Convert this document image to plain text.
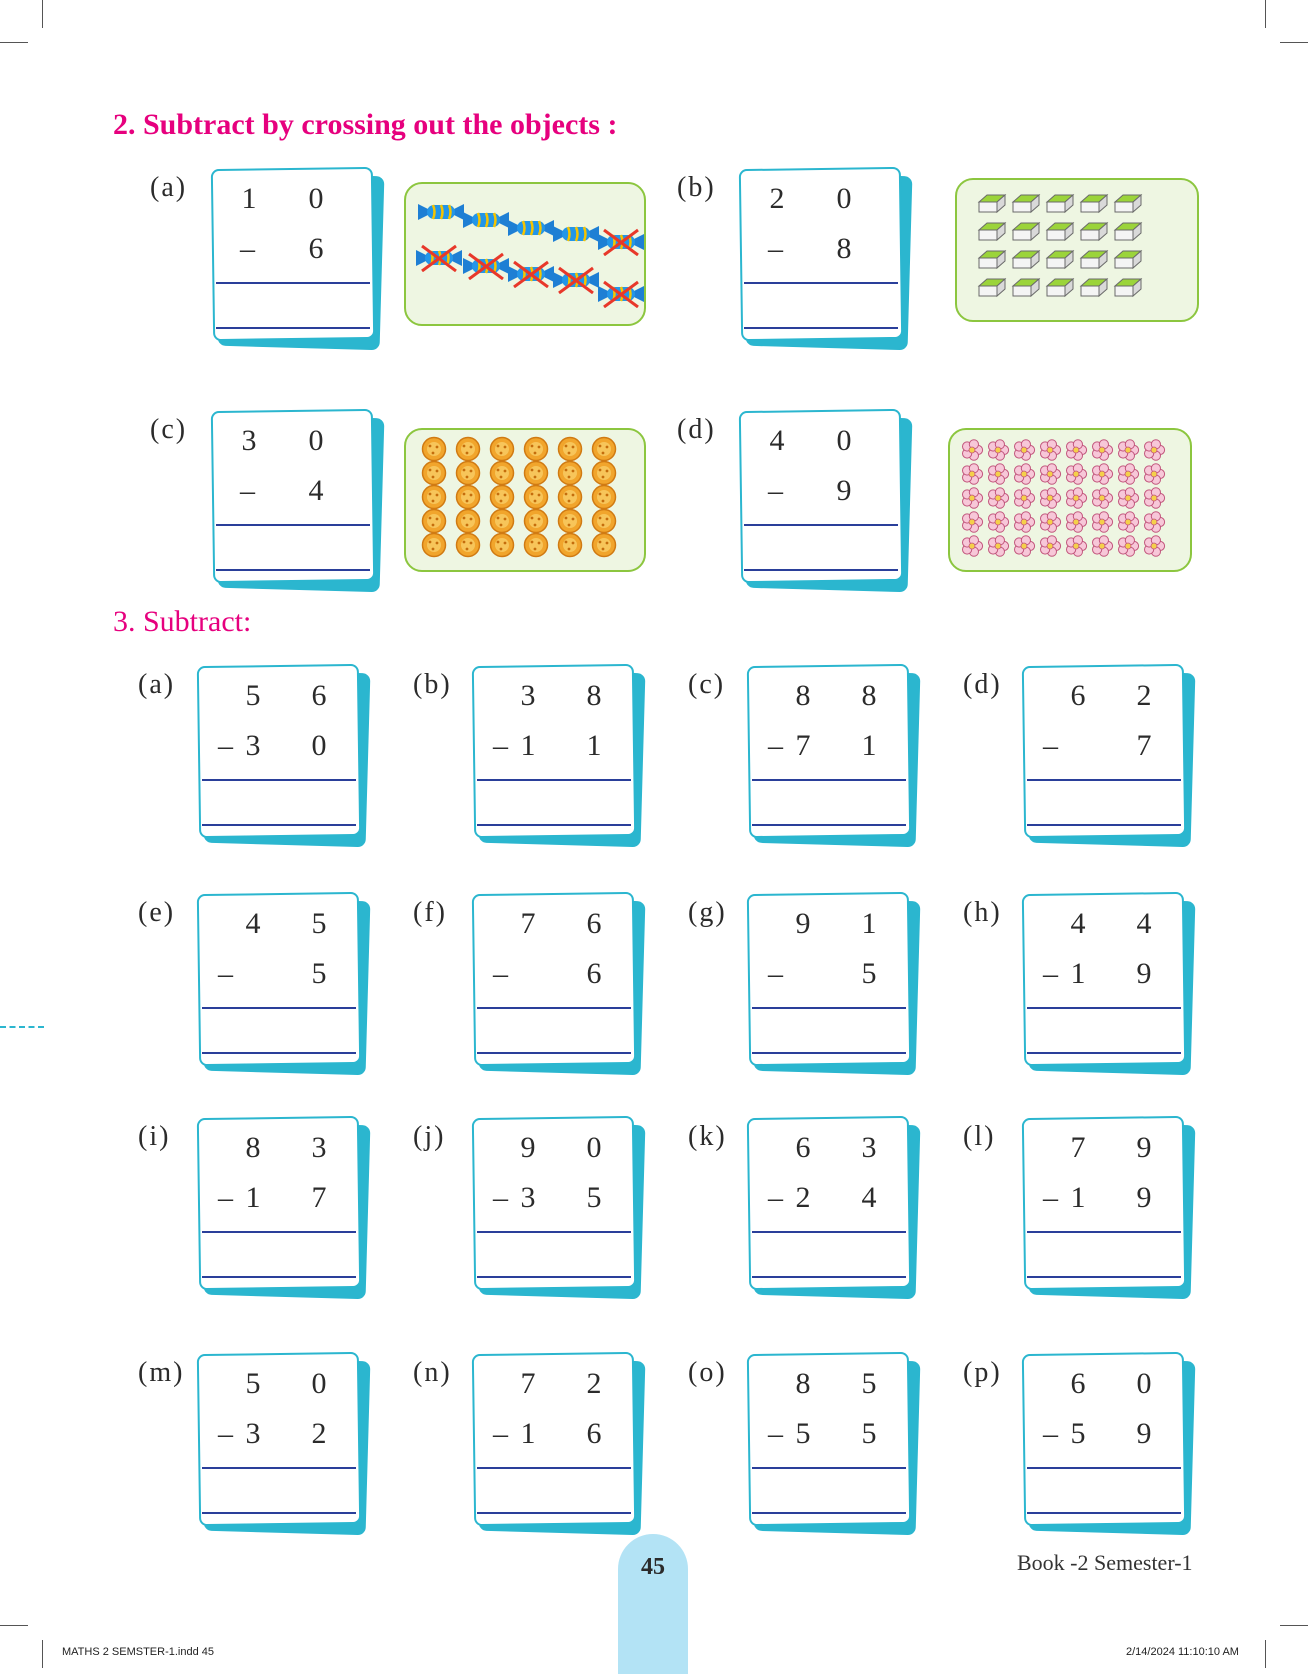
2. Subtract by crossing out the objects :
3. Subtract:
(a) 1 0
– 6
(b) 2 0
– 8
(c) 3 0
– 4
(d) 4 0
– 9
(a) 5 6
– 3 0
(b) 3 8
– 1 1
(c) 8 8
– 7 1
(d) 6 2
–	7
(e) 4 5
–	5
(f) 7 6
–	6
(g) 9 1
–	5
(h) 4 4
– 1 9
(i)	8 3
– 1 7
(j)	9 0
– 3 5
(k) 6 3
– 2 4
(l)	7 9
– 1 9
(m) 5 0
– 3 2
(n) 7 2
– 1 6
(o) 8 5
– 5 5
(p) 6 0
– 5 9
45	Book -2 Semester-1
MATHS 2 SEMSTER-1.indd 45	2/14/2024 11:10:10 AM
